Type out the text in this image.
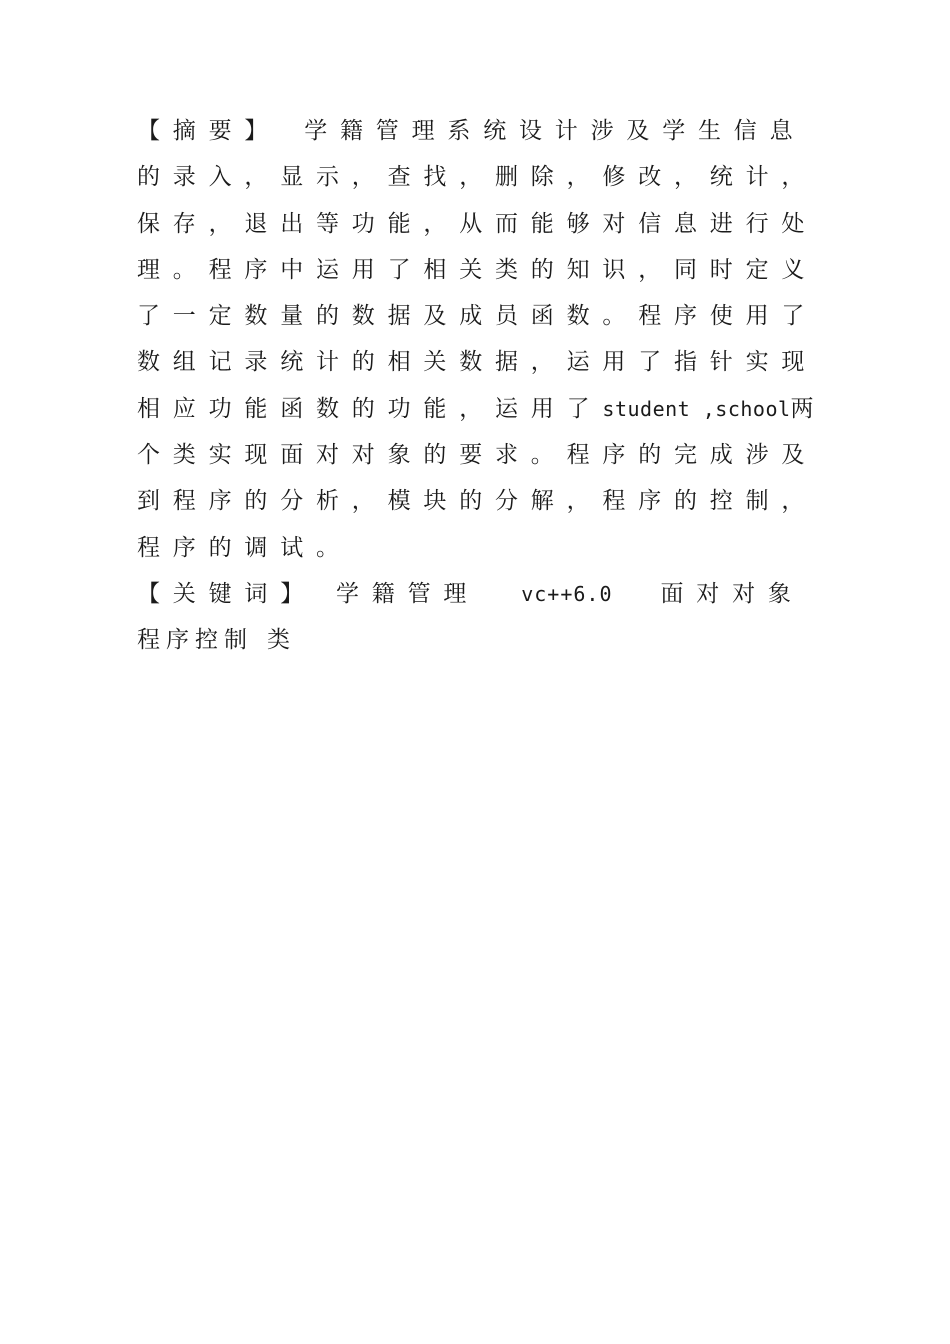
【摘要】 学籍管理系统设计涉及学生信息
的录入，显示，查找，删除，修改，统计，
保存，退出等功能，从而能够对信息进行处
理。程序中运用了相关类的知识，同时定义
了一定数量的数据及成员函数。程序使用了
数组记录统计的相关数据，运用了指针实现
相应功能函数的功能，运用了student ,school两
个类实现面对对象的要求。程序的完成涉及
到程序的分析，模块的分解，程序的控制，
程序的调试。
【关键词】 学籍管理 vc++6.0 面对对象
程序控制 类
